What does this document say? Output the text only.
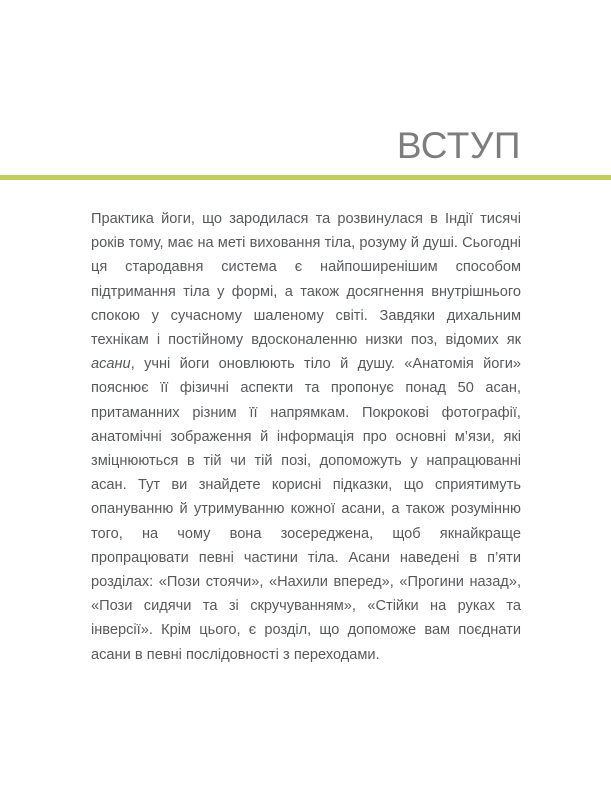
ВСТУП

Практика йоги, що зародилася та розвинулася в Індії тисячі років тому, має на меті виховання тіла, розуму й душі. Сьогодні ця стародавня система є найпоширенішим способом підтримання тіла у формі, а також досягнення внутрішнього спокою у сучасному шаленому світі. Завдяки дихальним технікам і постійному вдосконаленню низки поз, відомих як асани, учні йоги оновлюють тіло й душу. «Анатомія йоги» пояснює її фізичні аспекти та пропонує понад 50 асан, притаманних різним її напрямкам. Покрокові фотографії, анатомічні зображення й інформація про основні м’язи, які зміцнюються в тій чи тій позі, допоможуть у напрацюванні асан. Тут ви знайдете корисні підказки, що сприятимуть опануванню й утримуванню кожної асани, а також розумінню того, на чому вона зосереджена, щоб якнайкраще пропрацювати певні частини тіла. Асани наведені в п’яти розділах: «Пози стоячи», «Нахили вперед», «Прогини назад», «Пози сидячи та зі скручуванням», «Стійки на руках та інверсії». Крім цього, є розділ, що допоможе вам поєднати асани в певні послідовності з переходами.
